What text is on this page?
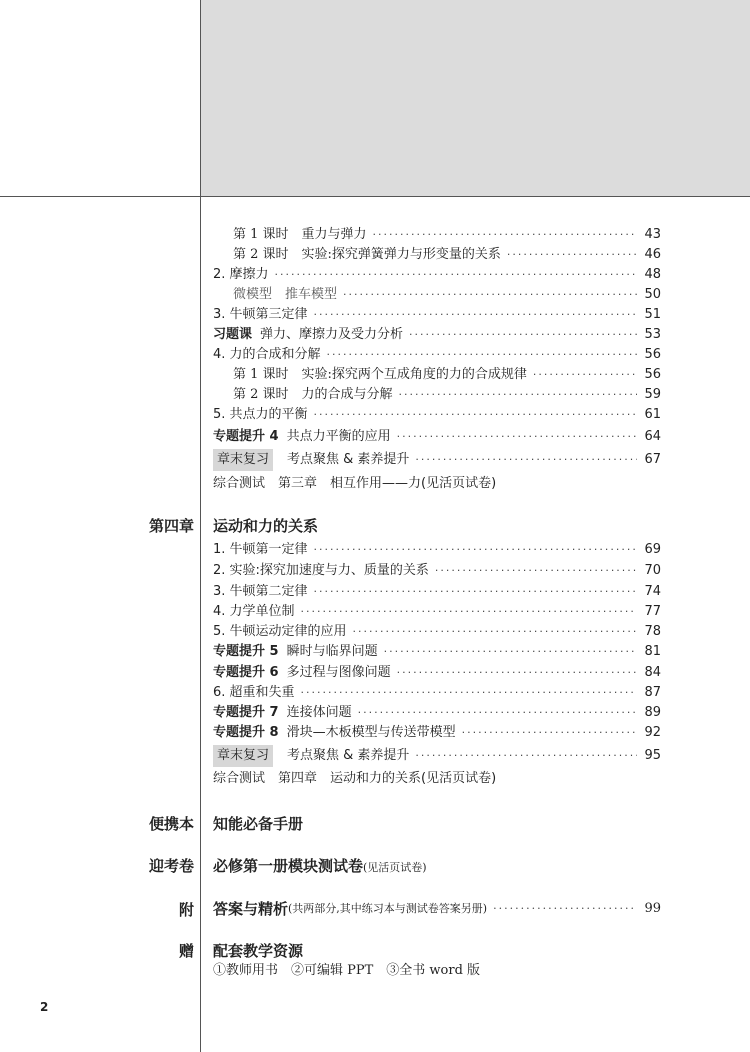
第 1 课时　重力与弹力 ·····	43
第 2 课时　实验:探究弹簧弹力与形变量的关系 ·····	46
2. 摩擦力 ·····	48
微模型　推车模型 ·····	50
3. 牛顿第三定律 ·····	51
习题课 弹力、摩擦力及受力分析 ·····	53
4. 力的合成和分解 ·····	56
第 1 课时　实验:探究两个互成角度的力的合成规律 ·····	56
第 2 课时　力的合成与分解 ·····	59
5. 共点力的平衡 ·····	61
专题提升 4 共点力平衡的应用 ·····	64
章末复习	考点聚焦 & 素养提升 ·····	67
综合测试　第三章　相互作用——力(见活页试卷)
第四章 运动和力的关系
1. 牛顿第一定律 ·····	69
2. 实验:探究加速度与力、质量的关系 ·····	70
3. 牛顿第二定律 ·····	74
4. 力学单位制 ·····	77
5. 牛顿运动定律的应用 ·····	78
专题提升 5 瞬时与临界问题 ·····	81
专题提升 6 多过程与图像问题 ·····	84
6. 超重和失重 ·····	87
专题提升 7 连接体问题 ·····	89
专题提升 8 滑块—木板模型与传送带模型 ·····	92
章末复习	考点聚焦 & 素养提升 ·····	95
综合测试　第四章　运动和力的关系(见活页试卷)
便携本 知能必备手册
迎考卷 必修第一册模块测试卷(见活页试卷)
附 答案与精析 (共两部分,其中练习本与测试卷答案另册) ·····	99
赠 配套教学资源
①教师用书　②可编辑 PPT　③全书 word 版
2
